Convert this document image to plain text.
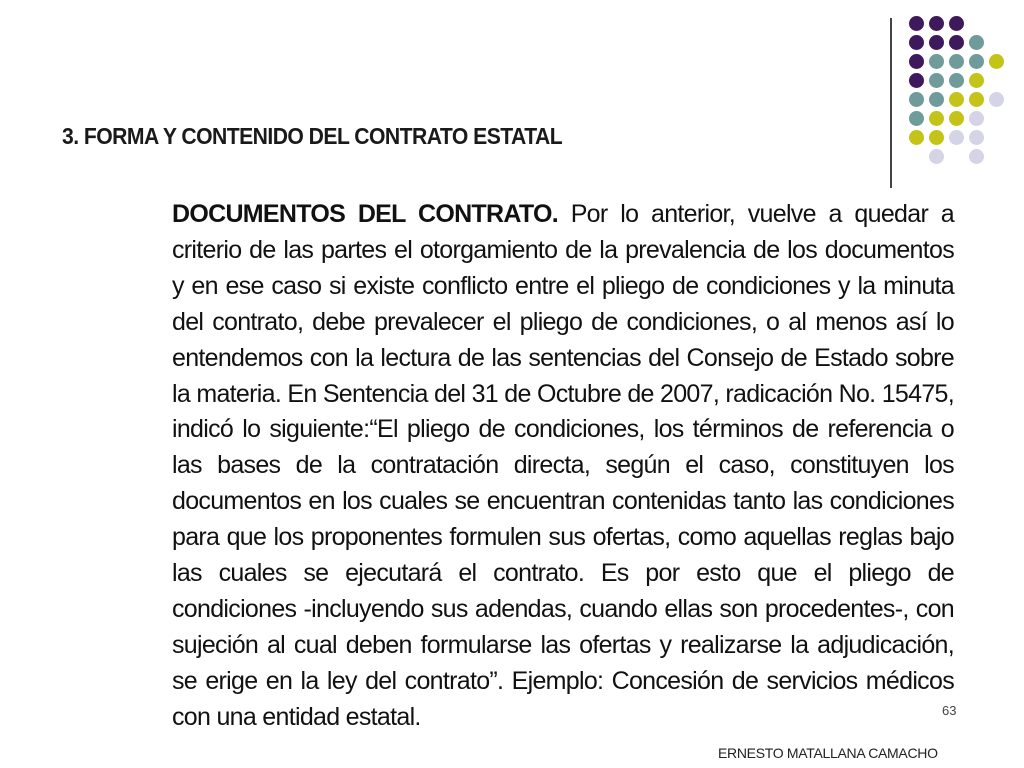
3. FORMA Y CONTENIDO DEL CONTRATO ESTATAL
DOCUMENTOS DEL CONTRATO. Por lo anterior, vuelve a quedar a criterio de las partes el otorgamiento de la prevalencia de los documentos y en ese caso si existe conflicto entre el pliego de condiciones y la minuta del contrato, debe prevalecer el pliego de condiciones, o al menos así lo entendemos con la lectura de las sentencias del Consejo de Estado sobre la materia. En Sentencia del 31 de Octubre de 2007, radicación No. 15475, indicó lo siguiente:“El pliego de condiciones, los términos de referencia o las bases de la contratación directa, según el caso, constituyen los documentos en los cuales se encuentran contenidas tanto las condiciones para que los proponentes formulen sus ofertas, como aquellas reglas bajo las cuales se ejecutará el contrato. Es por esto que el pliego de condiciones -incluyendo sus adendas, cuando ellas son procedentes-, con sujeción al cual deben formularse las ofertas y realizarse la adjudicación, se erige en la ley del contrato”. Ejemplo: Concesión de servicios médicos con una entidad estatal.	63
ERNESTO MATALLANA CAMACHO
